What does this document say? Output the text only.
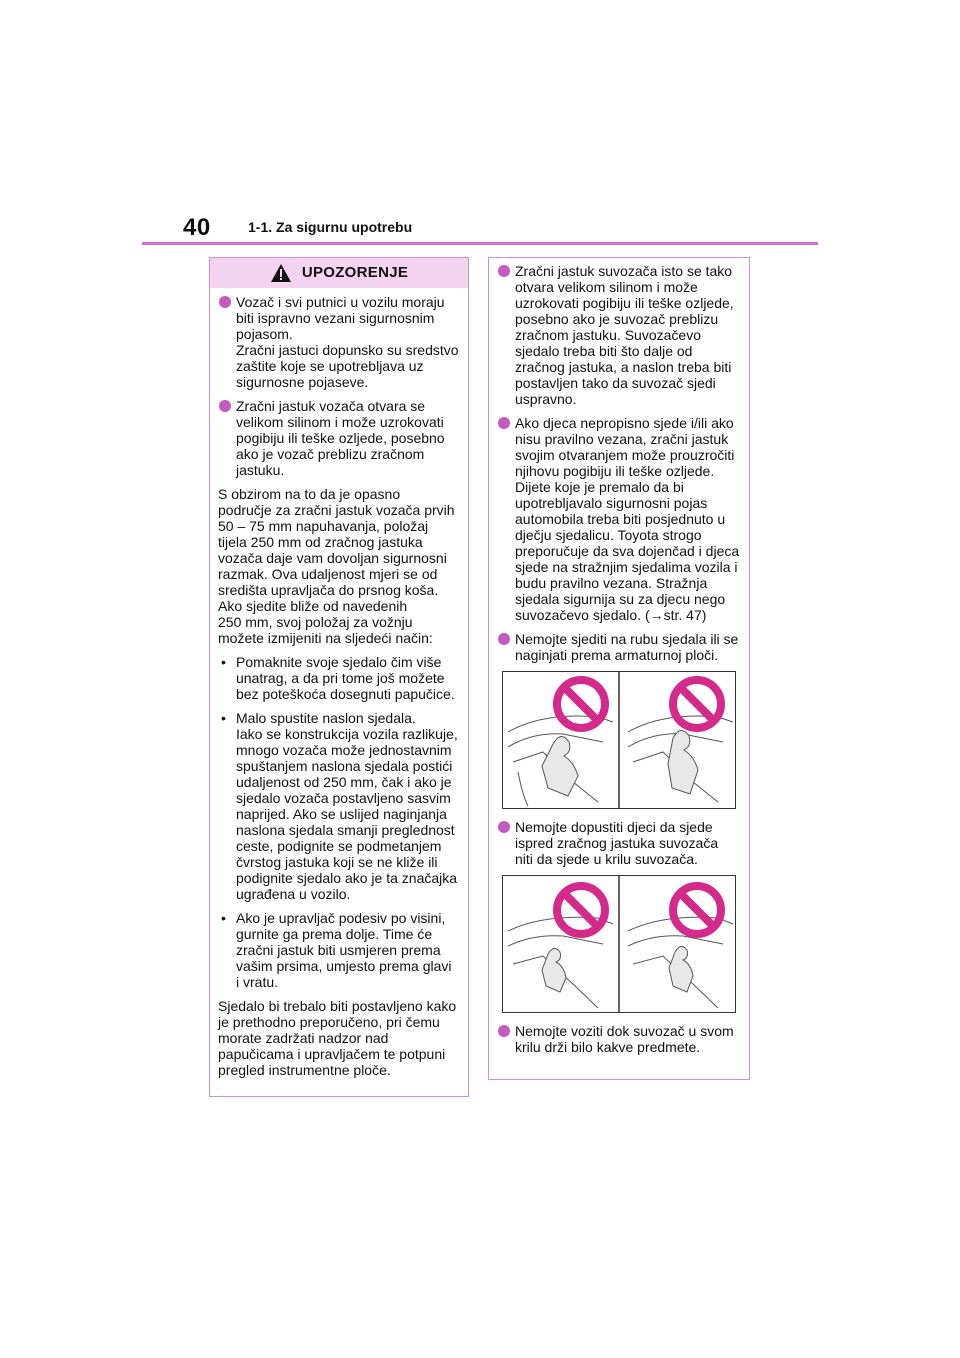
40	1-1. Za sigurnu upotrebu
UPOZORENJE
Vozač i svi putnici u vozilu moraju
biti ispravno vezani sigurnosnim
pojasom.
Zračni jastuci dopunsko su sredstvo
zaštite koje se upotrebljava uz
sigurnosne pojaseve.
Zračni jastuk vozača otvara se
velikom silinom i može uzrokovati
pogibiju ili teške ozljede, posebno
ako je vozač preblizu zračnom
jastuku.
S obzirom na to da je opasno
područje za zračni jastuk vozača prvih
50 – 75 mm napuhavanja, položaj
tijela 250 mm od zračnog jastuka
vozača daje vam dovoljan sigurnosni
razmak. Ova udaljenost mjeri se od
središta upravljača do prsnog koša.
Ako sjedite bliže od navedenih
250 mm, svoj položaj za vožnju
možete izmijeniti na sljedeći način:
• Pomaknite svoje sjedalo čim više
unatrag, a da pri tome još možete
bez poteškoća dosegnuti papučice.
• Malo spustite naslon sjedala.
Iako se konstrukcija vozila razlikuje,
mnogo vozača može jednostavnim
spuštanjem naslona sjedala postići
udaljenost od 250 mm, čak i ako je
sjedalo vozača postavljeno sasvim
naprijed. Ako se uslijed naginjanja
naslona sjedala smanji preglednost
ceste, podignite se podmetanjem
čvrstog jastuka koji se ne kliže ili
podignite sjedalo ako je ta značajka
ugrađena u vozilo.
• Ako je upravljač podesiv po visini,
gurnite ga prema dolje. Time će
zračni jastuk biti usmjeren prema
vašim prsima, umjesto prema glavi
i vratu.
Sjedalo bi trebalo biti postavljeno kako
je prethodno preporučeno, pri čemu
morate zadržati nadzor nad
papučicama i upravljačem te potpuni
pregled instrumentne ploče.
Zračni jastuk suvozača isto se tako
otvara velikom silinom i može
uzrokovati pogibiju ili teške ozljede,
posebno ako je suvozač preblizu
zračnom jastuku. Suvozačevo
sjedalo treba biti što dalje od
zračnog jastuka, a naslon treba biti
postavljen tako da suvozač sjedi
uspravno.
Ako djeca nepropisno sjede i/ili ako
nisu pravilno vezana, zračni jastuk
svojim otvaranjem može prouzročiti
njihovu pogibiju ili teške ozljede.
Dijete koje je premalo da bi
upotrebljavalo sigurnosni pojas
automobila treba biti posjednuto u
dječju sjedalicu. Toyota strogo
preporučuje da sva dojenčad i djeca
sjede na stražnjim sjedalima vozila i
budu pravilno vezana. Stražnja
sjedala sigurnija su za djecu nego
suvozačevo sjedalo. (→str. 47)
Nemojte sjediti na rubu sjedala ili se
naginjati prema armaturnoj ploči.
Nemojte dopustiti djeci da sjede
ispred zračnog jastuka suvozača
niti da sjede u krilu suvozača.
Nemojte voziti dok suvozač u svom
krilu drži bilo kakve predmete.
